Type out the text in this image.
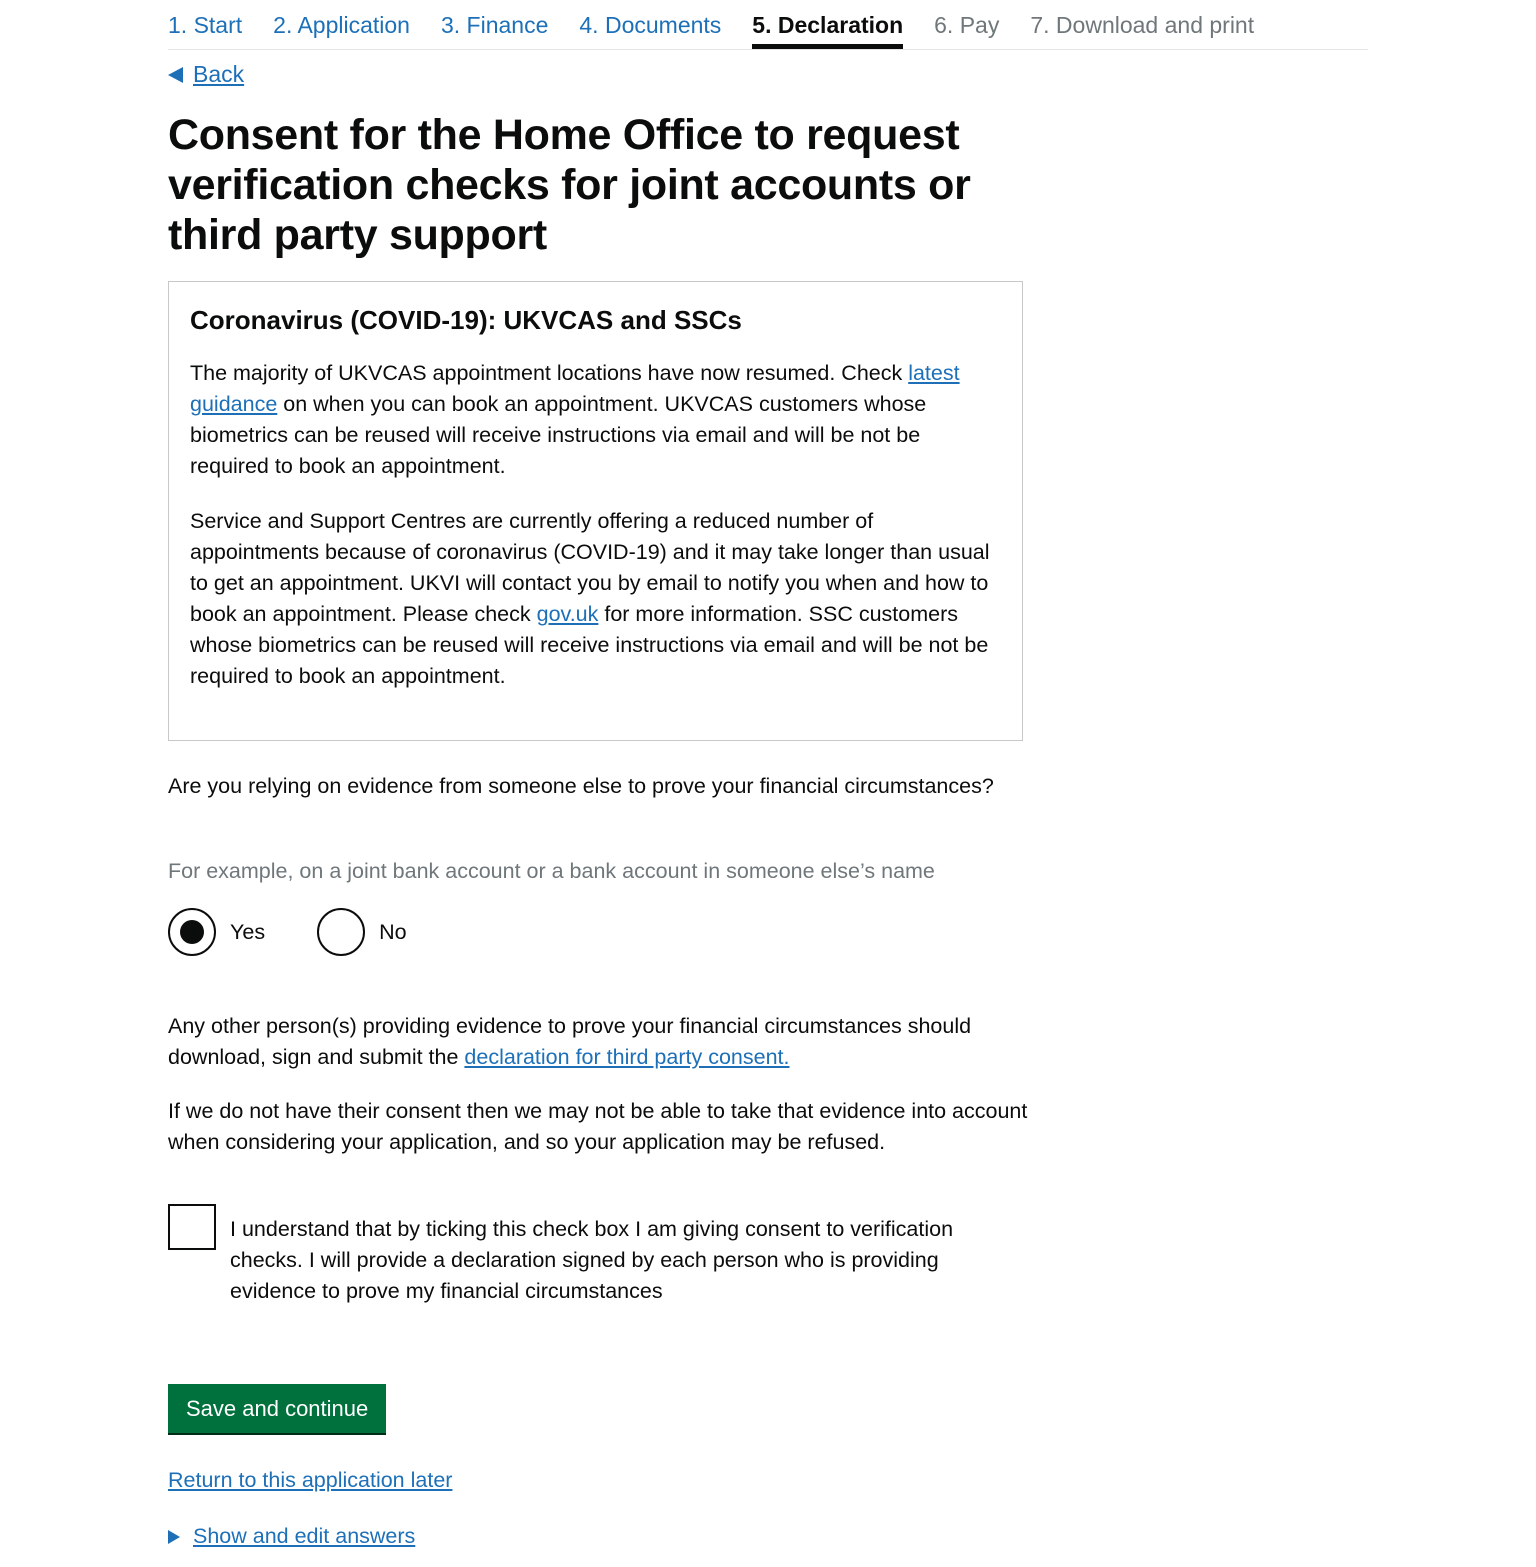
1. Start 2. Application 3. Finance 4. Documents 5. Declaration 6. Pay 7. Download and print
Back
Consent for the Home Office to request verification checks for joint accounts or third party support
Coronavirus (COVID-19): UKVCAS and SSCs

The majority of UKVCAS appointment locations have now resumed. Check latest guidance on when you can book an appointment. UKVCAS customers whose biometrics can be reused will receive instructions via email and will be not be required to book an appointment.

Service and Support Centres are currently offering a reduced number of appointments because of coronavirus (COVID-19) and it may take longer than usual to get an appointment. UKVI will contact you by email to notify you when and how to book an appointment. Please check gov.uk for more information. SSC customers whose biometrics can be reused will receive instructions via email and will be not be required to book an appointment.

Are you relying on evidence from someone else to prove your financial circumstances?
For example, on a joint bank account or a bank account in someone else’s name
Yes	No

Any other person(s) providing evidence to prove your financial circumstances should download, sign and submit the declaration for third party consent.

If we do not have their consent then we may not be able to take that evidence into account when considering your application, and so your application may be refused.

I understand that by ticking this check box I am giving consent to verification checks. I will provide a declaration signed by each person who is providing evidence to prove my financial circumstances
Save and continue
Return to this application later
Show and edit answers
